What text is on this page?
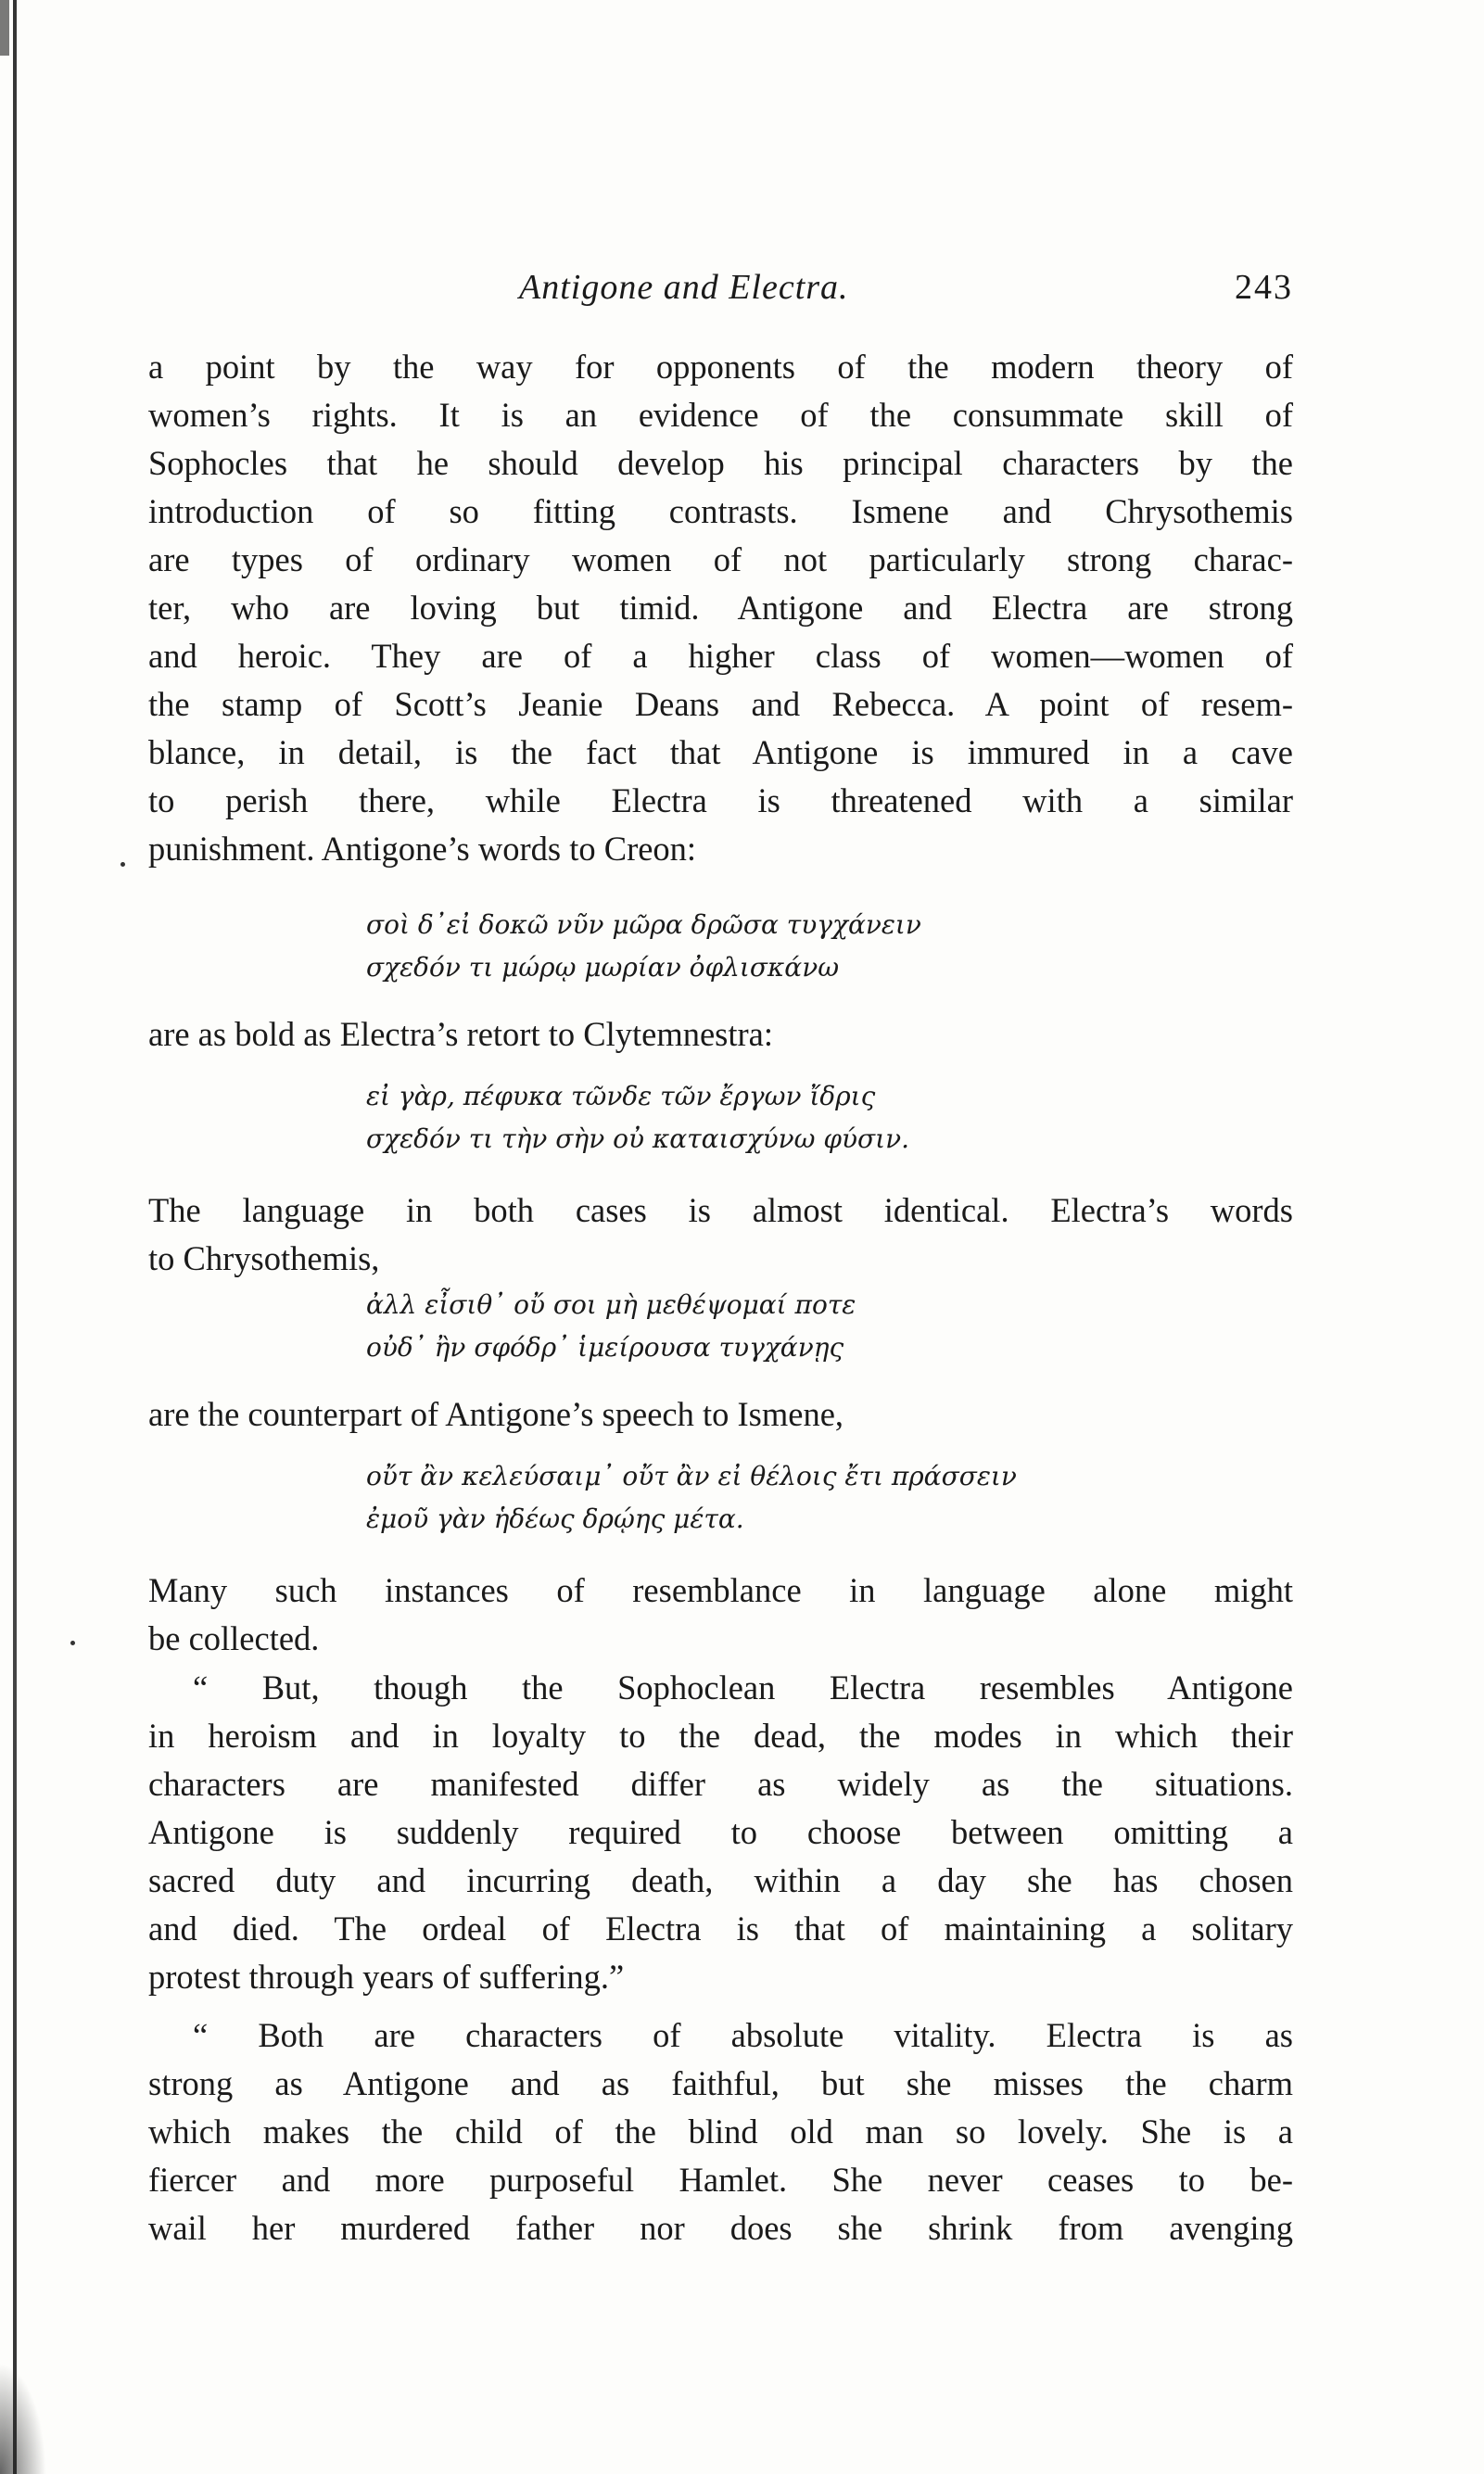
Antigone and Electra.	243
a point by the way for opponents of the modern theory of
women’s rights. It is an evidence of the consummate skill of
Sophocles that he should develop his principal characters by the
introduction of so fitting contrasts. Ismene and Chrysothemis
are types of ordinary women of not particularly strong charac-
ter, who are loving but timid. Antigone and Electra are strong
and heroic. They are of a higher class of women—women of
the stamp of Scott’s Jeanie Deans and Rebecca. A point of resem-
blance, in detail, is the fact that Antigone is immured in a cave
to perish there, while Electra is threatened with a similar
punishment. Antigone’s words to Creon:
σοὶ δ᾽εἰ δοκῶ νῦν μῶρα δρῶσα τυγχάνειν
σχεδόν τι μώρῳ μωρίαν ὀφλισκάνω
are as bold as Electra’s retort to Clytemnestra:
εἰ γὰρ, πέφυκα τῶνδε τῶν ἔργων ἴδρις
σχεδόν τι τὴν σὴν οὐ καταισχύνω φύσιν.
The language in both cases is almost identical. Electra’s words
to Chrysothemis,
ἀλλ εἶσιθ᾽ οὔ σοι μὴ μεθέψομαί ποτε
οὐδ᾽ ἢν σφόδρ᾽ ἱμείρουσα τυγχάνῃς
are the counterpart of Antigone’s speech to Ismene,
οὔτ ἂν κελεύσαιμ᾽ οὔτ ἂν εἰ θέλοις ἔτι πράσσειν
ἐμοῦ γὰν ἡδέως δρῴης μέτα.
Many such instances of resemblance in language alone might
be collected.
“ But, though the Sophoclean Electra resembles Antigone
in heroism and in loyalty to the dead, the modes in which their
characters are manifested differ as widely as the situations.
Antigone is suddenly required to choose between omitting a
sacred duty and incurring death, within a day she has chosen
and died. The ordeal of Electra is that of maintaining a solitary
protest through years of suffering.”
“ Both are characters of absolute vitality. Electra is as
strong as Antigone and as faithful, but she misses the charm
which makes the child of the blind old man so lovely. She is a
fiercer and more purposeful Hamlet. She never ceases to be-
wail her murdered father nor does she shrink from avenging
